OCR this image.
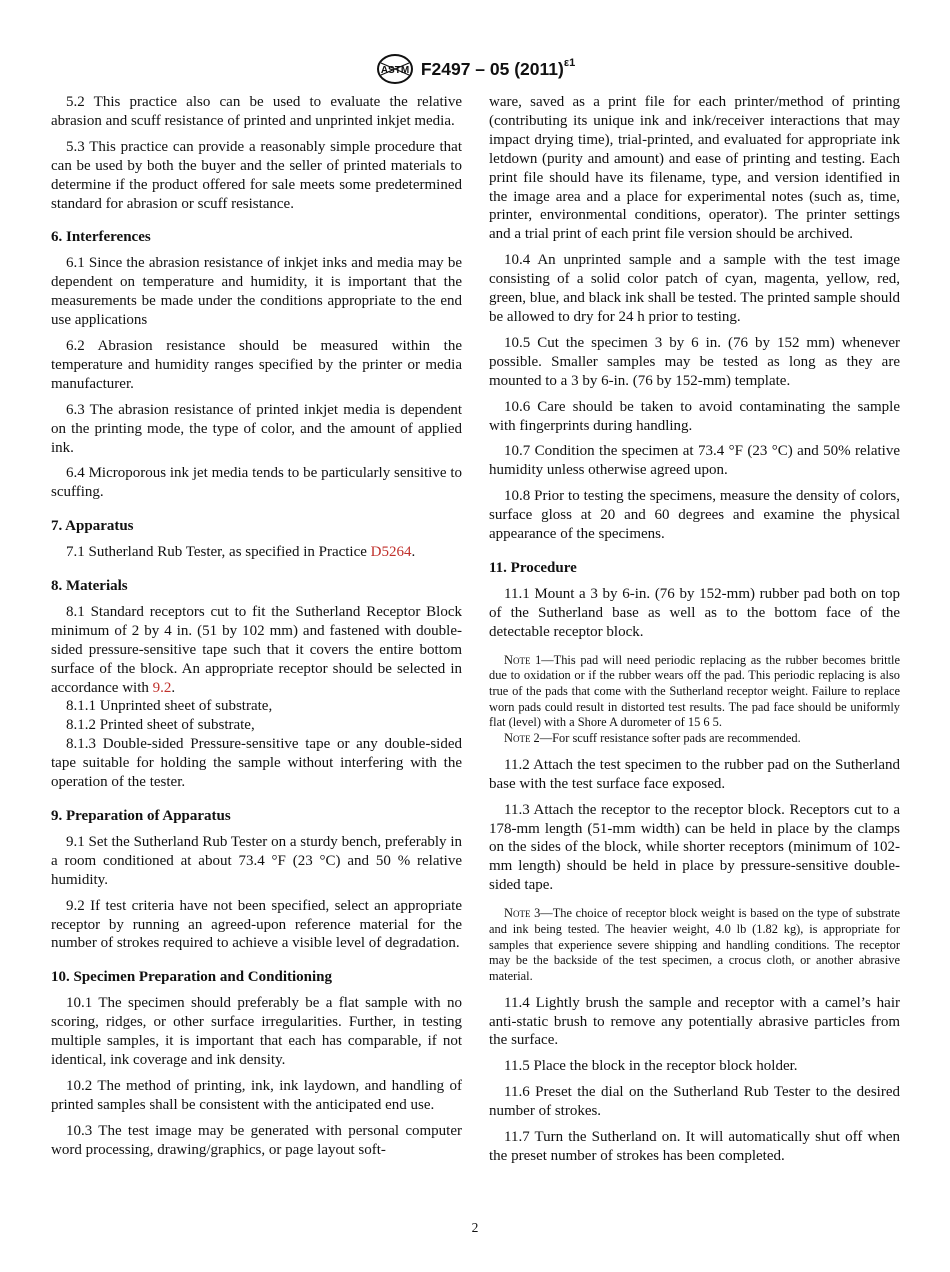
ASTM F2497 – 05 $(2011)^{\varepsilon 1}$

5.2 This practice also can be used to evaluate the relative abrasion and scuff resistance of printed and unprinted inkjet media.

5.3 This practice can provide a reasonably simple procedure that can be used by both the buyer and the seller of printed materials to determine if the product offered for sale meets some predetermined standard for abrasion or scuff resistance.

6. Interferences

6.1 Since the abrasion resistance of inkjet inks and media may be dependent on temperature and humidity, it is important that the measurements be made under the conditions appropriate to the end use applications

6.2 Abrasion resistance should be measured within the temperature and humidity ranges specified by the printer or media manufacturer.

6.3 The abrasion resistance of printed inkjet media is dependent on the printing mode, the type of color, and the amount of applied ink.

6.4 Microporous ink jet media tends to be particularly sensitive to scuffing.

7. Apparatus

7.1 Sutherland Rub Tester, as specified in Practice D5264.

8. Materials

8.1 Standard receptors cut to fit the Sutherland Receptor Block minimum of 2 by 4 in. (51 by 102 mm) and fastened with double-sided pressure-sensitive tape such that it covers the entire bottom surface of the block. An appropriate receptor should be selected in accordance with 9.2.

8.1.1 Unprinted sheet of substrate,

8.1.2 Printed sheet of substrate,

8.1.3 Double-sided Pressure-sensitive tape or any double-sided tape suitable for holding the sample without interfering with the operation of the tester.

9. Preparation of Apparatus

9.1 Set the Sutherland Rub Tester on a sturdy bench, preferably in a room conditioned at about 73.4 °F (23 °C) and 50 % relative humidity.

9.2 If test criteria have not been specified, select an appropriate receptor by running an agreed-upon reference material for the number of strokes required to achieve a visible level of degradation.

10. Specimen Preparation and Conditioning

10.1 The specimen should preferably be a flat sample with no scoring, ridges, or other surface irregularities. Further, in testing multiple samples, it is important that each has comparable, if not identical, ink coverage and ink density.

10.2 The method of printing, ink, ink laydown, and handling of printed samples shall be consistent with the anticipated end use.

10.3 The test image may be generated with personal computer word processing, drawing/graphics, or page layout soft-

ware, saved as a print file for each printer/method of printing (contributing its unique ink and ink/receiver interactions that may impact drying time), trial-printed, and evaluated for appropriate ink letdown (purity and amount) and ease of printing and testing. Each print file should have its filename, type, and version identified in the image area and a place for experimental notes (such as, time, printer, environmental conditions, operator). The printer settings and a trial print of each print file version should be archived.

10.4 An unprinted sample and a sample with the test image consisting of a solid color patch of cyan, magenta, yellow, red, green, blue, and black ink shall be tested. The printed sample should be allowed to dry for 24 h prior to testing.

10.5 Cut the specimen 3 by 6 in. (76 by 152 mm) whenever possible. Smaller samples may be tested as long as they are mounted to a 3 by 6-in. (76 by 152-mm) template.

10.6 Care should be taken to avoid contaminating the sample with fingerprints during handling.

10.7 Condition the specimen at 73.4 °F (23 °C) and 50% relative humidity unless otherwise agreed upon.

10.8 Prior to testing the specimens, measure the density of colors, surface gloss at 20 and 60 degrees and examine the physical appearance of the specimens.

11. Procedure

11.1 Mount a 3 by 6-in. (76 by 152-mm) rubber pad both on top of the Sutherland base as well as to the bottom face of the detectable receptor block.

Note 1—This pad will need periodic replacing as the rubber becomes brittle due to oxidation or if the rubber wears off the pad. This periodic replacing is also true of the pads that come with the Sutherland receptor weight. Failure to replace worn pads could result in distorted test results. The pad face should be uniformly flat (level) with a Shore A durometer of 15 6 5.

Note 2—For scuff resistance softer pads are recommended.

11.2 Attach the test specimen to the rubber pad on the Sutherland base with the test surface face exposed.

11.3 Attach the receptor to the receptor block. Receptors cut to a 178-mm length (51-mm width) can be held in place by the clamps on the sides of the block, while shorter receptors (minimum of 102-mm length) should be held in place by pressure-sensitive double-sided tape.

Note 3—The choice of receptor block weight is based on the type of substrate and ink being tested. The heavier weight, 4.0 lb (1.82 kg), is appropriate for samples that experience severe shipping and handling conditions. The receptor may be the backside of the test specimen, a crocus cloth, or another abrasive material.

11.4 Lightly brush the sample and receptor with a camel’s hair anti-static brush to remove any potentially abrasive particles from the surface.

11.5 Place the block in the receptor block holder.

11.6 Preset the dial on the Sutherland Rub Tester to the desired number of strokes.

11.7 Turn the Sutherland on. It will automatically shut off when the preset number of strokes has been completed.

2
